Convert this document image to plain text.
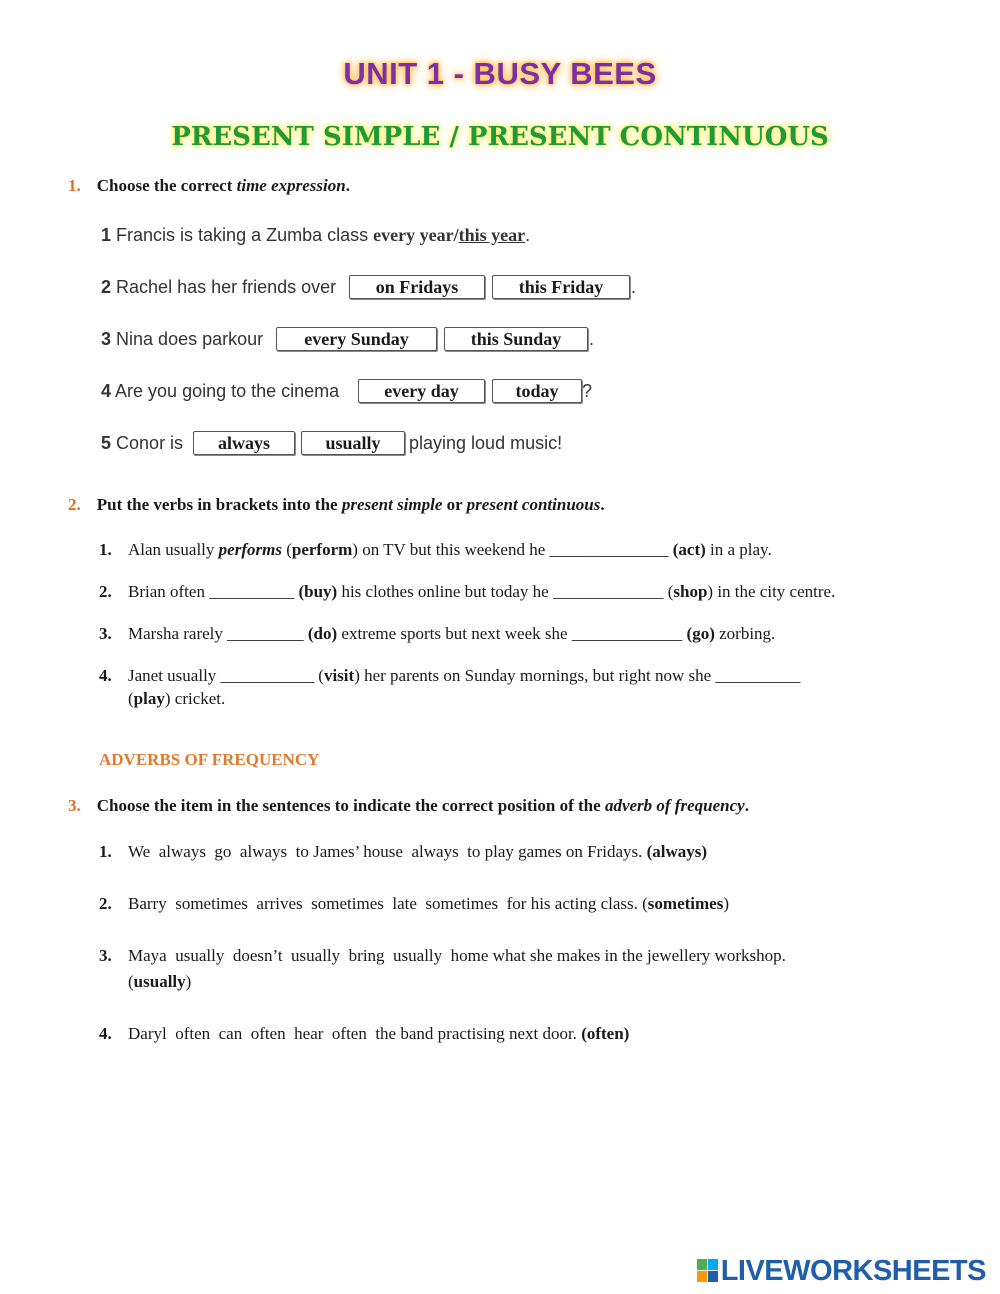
UNIT 1 - BUSY BEES
PRESENT SIMPLE / PRESENT CONTINUOUS
1. Choose the correct time expression.
1 Francis is taking a Zumba class every year/this year.
2 Rachel has her friends over	on Fridays	this Friday	.
3 Nina does parkour	every Sunday	this Sunday	.
4 Are you going to the cinema	every day	today	?
5 Conor is	always	usually	playing loud music!
2. Put the verbs in brackets into the present simple or present continuous.
1. Alan usually performs (perform) on TV but this weekend he ______________ (act) in a play.
2. Brian often __________ (buy) his clothes online but today he _____________ (shop) in the city centre.
3. Marsha rarely _________ (do) extreme sports but next week she _____________ (go) zorbing.
4. Janet usually ___________ (visit) her parents on Sunday mornings, but right now she __________
(play) cricket.
ADVERBS OF FREQUENCY
3. Choose the item in the sentences to indicate the correct position of the adverb of frequency.
1. We  always  go  always  to James’ house  always  to play games on Fridays. (always)
2. Barry  sometimes  arrives  sometimes  late  sometimes  for his acting class. (sometimes)
3. Maya  usually  doesn’t  usually  bring  usually  home what she makes in the jewellery workshop.
(usually)
4. Daryl  often  can  often  hear  often  the band practising next door. (often)
LIVEWORKSHEETS
